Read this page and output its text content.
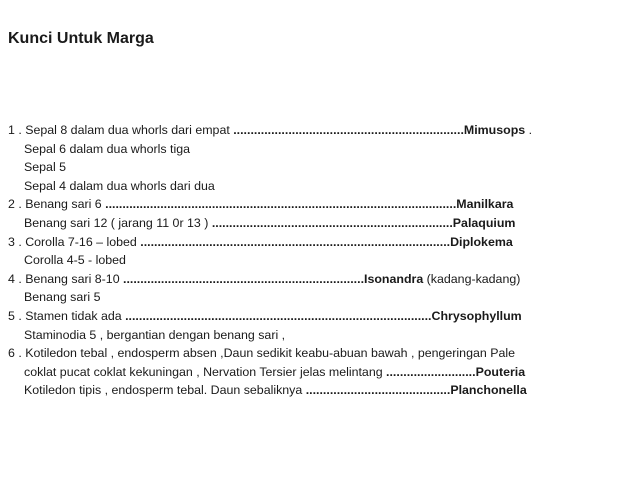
Kunci Untuk Marga
1 . Sepal 8 dalam dua whorls dari empat ...................................................................Mimusops .
Sepal 6 dalam dua whorls tiga
Sepal 5
Sepal 4 dalam dua whorls dari dua
2 . Benang sari 6 ......................................................................................................Manilkara
Benang sari 12 ( jarang 11 0r 13 ) ......................................................................Palaquium
3 . Corolla 7-16 – lobed ..........................................................................................Diplokema
Corolla 4-5 - lobed
4 . Benang sari 8-10 ......................................................................Isonandra (kadang-kadang)
Benang sari 5
5 . Stamen tidak ada .........................................................................................Chrysophyllum
Staminodia 5 , bergantian dengan benang sari ,
6 . Kotiledon tebal , endosperm absen ,Daun sedikit keabu-abuan bawah , pengeringan Pale
coklat pucat coklat kekuningan , Nervation Tersier jelas melintang ..........................Pouteria
Kotiledon tipis , endosperm tebal. Daun sebaliknya ..........................................Planchonella
